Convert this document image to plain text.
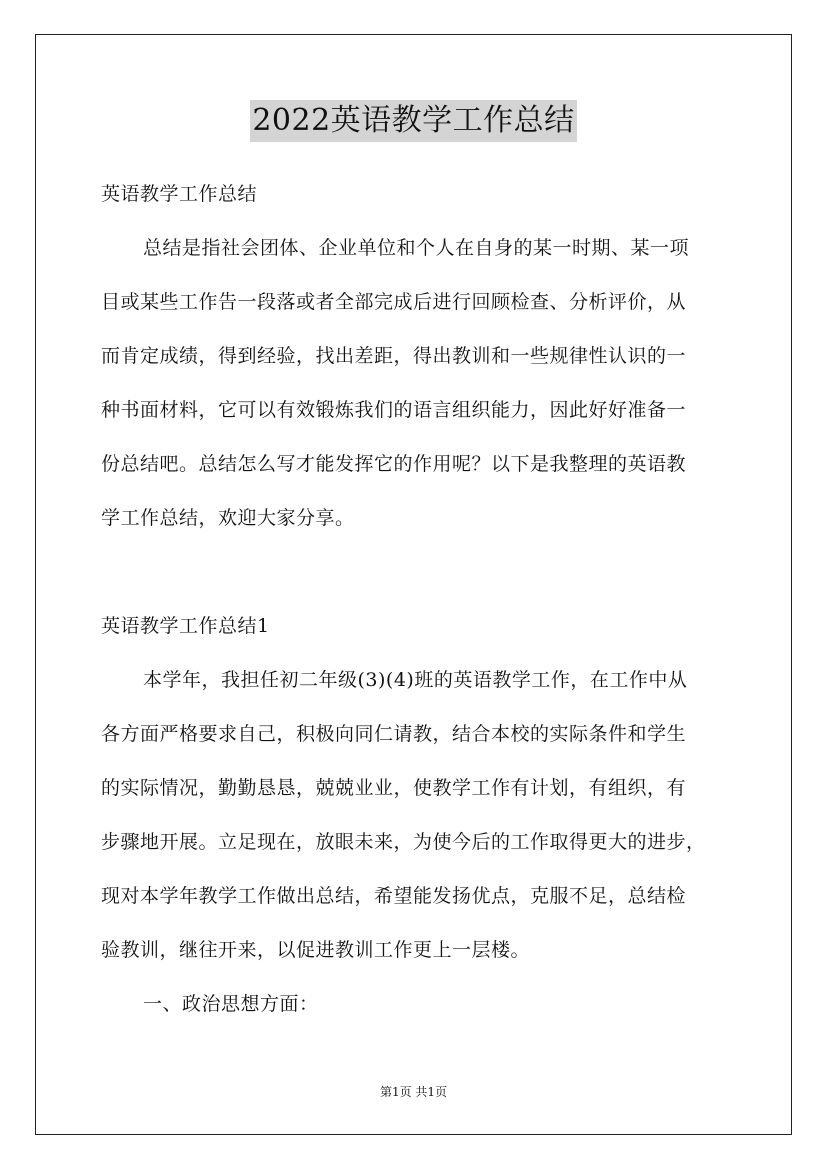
2022英语教学工作总结
英语教学工作总结
总结是指社会团体、企业单位和个人在自身的某一时期、某一项
目或某些工作告一段落或者全部完成后进行回顾检查、分析评价，从
而肯定成绩，得到经验，找出差距，得出教训和一些规律性认识的一
种书面材料，它可以有效锻炼我们的语言组织能力，因此好好准备一
份总结吧。总结怎么写才能发挥它的作用呢？以下是我整理的英语教
学工作总结，欢迎大家分享。
英语教学工作总结1
本学年，我担任初二年级(3)(4)班的英语教学工作，在工作中从
各方面严格要求自己，积极向同仁请教，结合本校的实际条件和学生
的实际情况，勤勤恳恳，兢兢业业，使教学工作有计划，有组织，有
步骤地开展。立足现在，放眼未来，为使今后的工作取得更大的进步，
现对本学年教学工作做出总结，希望能发扬优点，克服不足，总结检
验教训，继往开来，以促进教训工作更上一层楼。
一、政治思想方面：
第1页 共1页
